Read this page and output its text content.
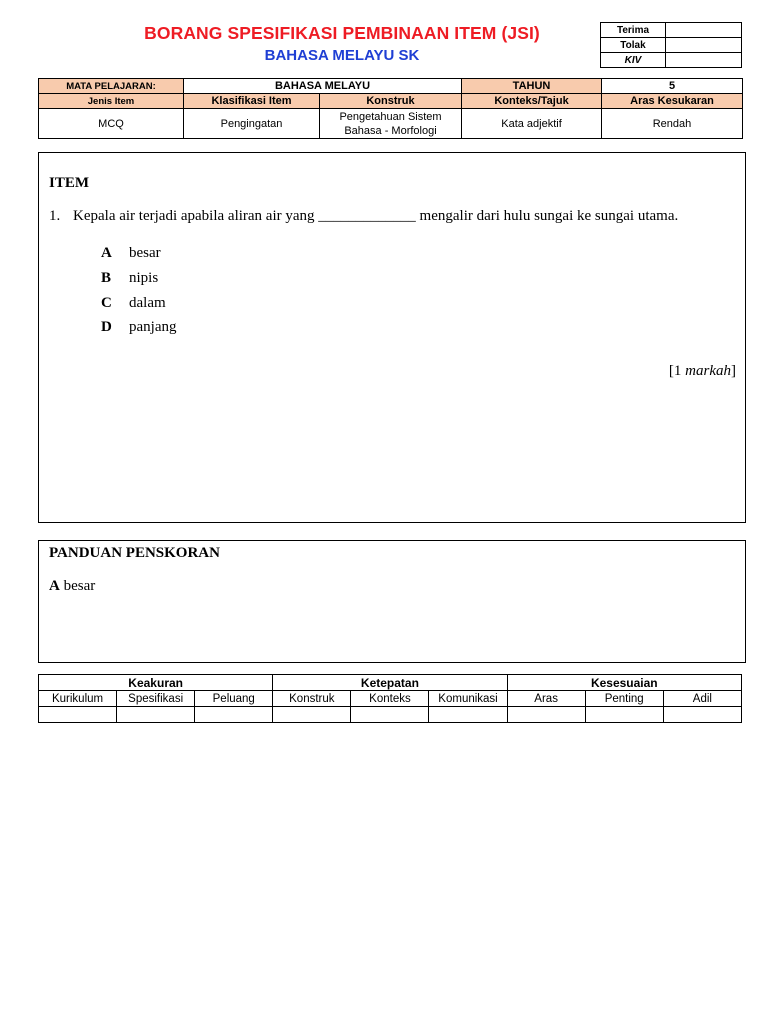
BORANG SPESIFIKASI PEMBINAAN ITEM (JSI)
BAHASA MELAYU SK
Terima	
Tolak	
KIV	
MATA PELAJARAN:	BAHASA MELAYU		TAHUN	5
Jenis Item	Klasifikasi Item	Konstruk	Konteks/Tajuk	Aras Kesukaran
MCQ	Pengingatan	Pengetahuan Sistem Bahasa - Morfologi	Kata adjektif	Rendah
ITEM
1. Kepala air terjadi apabila aliran air yang _____________ mengalir dari hulu sungai ke sungai utama.
A besar
B nipis
C dalam
D panjang
[1 markah]
PANDUAN PENSKORAN
A besar
Keakuran			Ketepatan			Kesesuaian		
Kurikulum	Spesifikasi	Peluang	Konstruk	Konteks	Komunikasi	Aras	Penting	Adil
